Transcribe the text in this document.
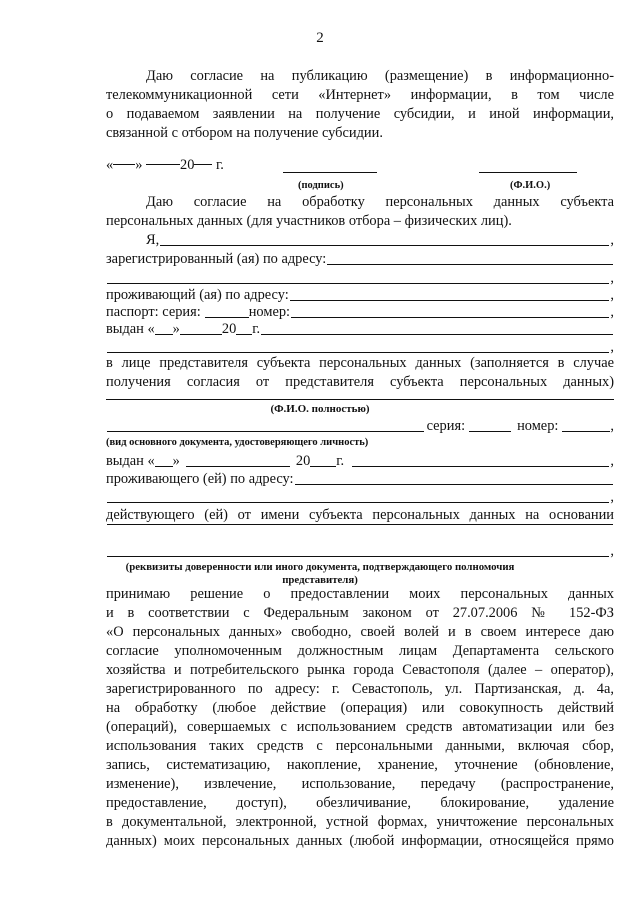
2
Даю согласие на публикацию (размещение) в информационно-
телекоммуникационной сети «Интернет» информации, в том числе
о подаваемом заявлении на получение субсидии, и иной информации,
связанной с отбором на получение субсидии.
« »	20 г.
(подпись)	(Ф.И.О.)
Даю согласие на обработку персональных данных субъекта
персональных данных (для участников отбора – физических лиц).
Я,	,
зарегистрированный (ая) по адресу:
,
проживающий (ая) по адресу:	,
паспорт: серия:	номер:	,
выдан « »	20 г.
,
в лице представителя субъекта персональных данных (заполняется в случае
получения согласия от представителя субъекта персональных данных)
(Ф.И.О. полностью)
серия:	номер:	,
(вид основного документа, удостоверяющего личность)
выдан « »	20 г.	,
проживающего (ей) по адресу:
,
действующего (ей) от имени субъекта персональных данных на основании
,
(реквизиты доверенности или иного документа, подтверждающего полномочия
представителя)
принимаю решение о предоставлении моих персональных данных
и в соответствии с Федеральным законом от 27.07.2006 № 152-ФЗ
«О персональных данных» свободно, своей волей и в своем интересе даю
согласие уполномоченным должностным лицам Департамента сельского
хозяйства и потребительского рынка города Севастополя (далее – оператор),
зарегистрированного по адресу: г. Севастополь, ул. Партизанская, д. 4а,
на обработку (любое действие (операция) или совокупность действий
(операций), совершаемых с использованием средств автоматизации или без
использования таких средств с персональными данными, включая сбор,
запись, систематизацию, накопление, хранение, уточнение (обновление,
изменение), извлечение, использование, передачу (распространение,
предоставление, доступ), обезличивание, блокирование, удаление
в документальной, электронной, устной формах, уничтожение персональных
данных) моих персональных данных (любой информации, относящейся прямо
